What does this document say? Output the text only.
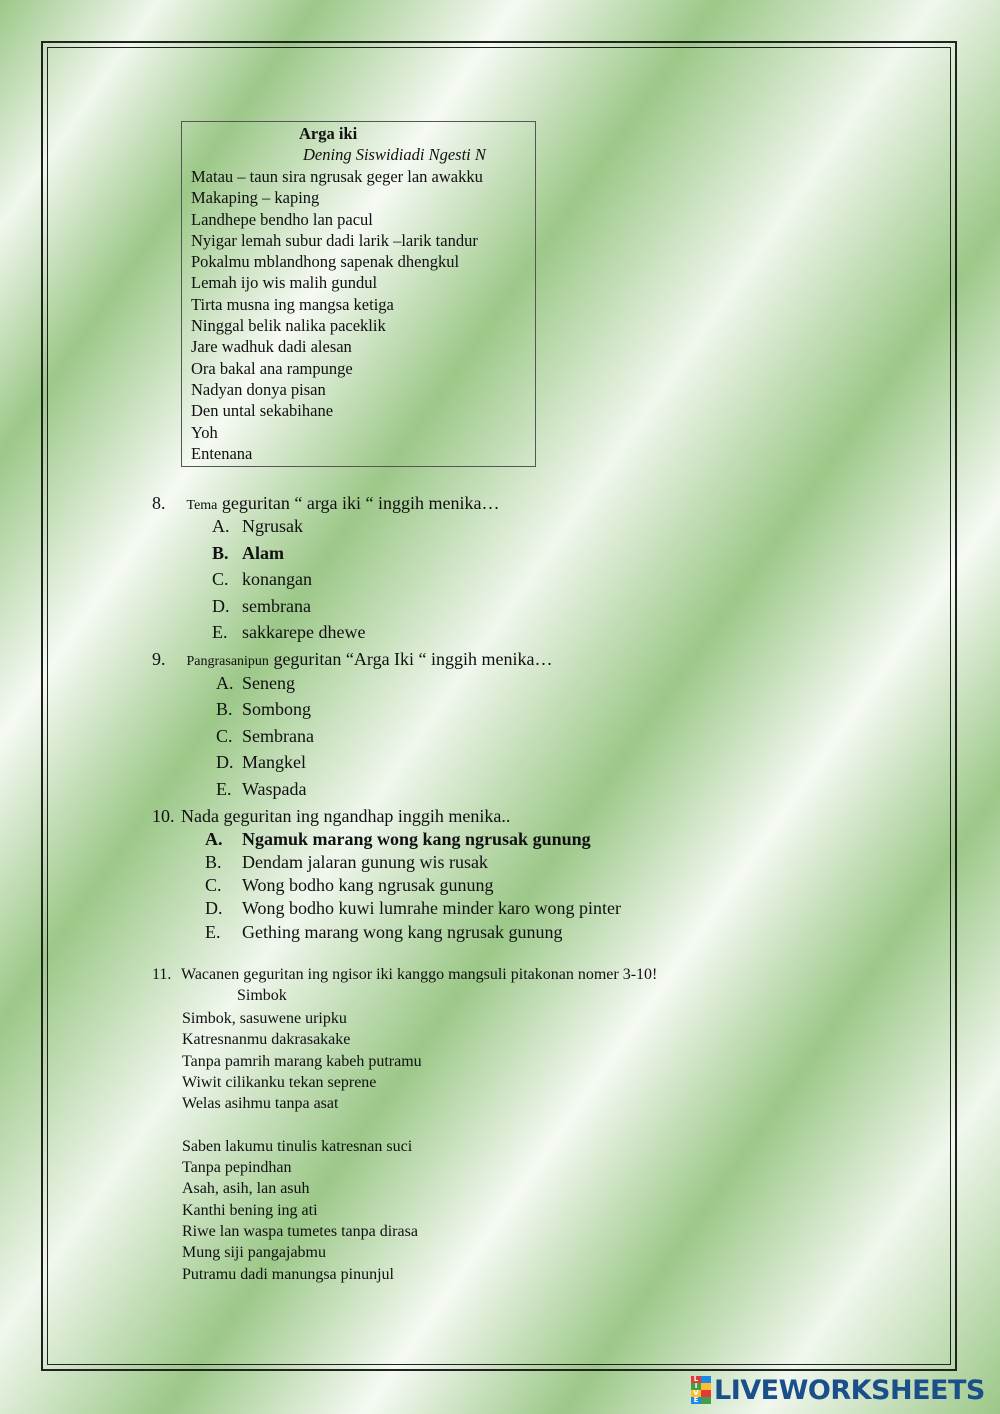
Arga iki
Dening Siswidiadi Ngesti N
Matau – taun sira ngrusak geger lan awakku
Makaping – kaping
Landhepe bendho lan pacul
Nyigar lemah subur dadi larik –larik tandur
Pokalmu mblandhong sapenak dhengkul
Lemah ijo wis malih gundul
Tirta musna ing mangsa ketiga
Ninggal belik nalika paceklik
Jare wadhuk dadi alesan
Ora bakal ana rampunge
Nadyan donya pisan
Den untal sekabihane
Yoh
Entenana
8. Tema geguritan “ arga iki “ inggih menika…
A. Ngrusak
B. Alam
C. konangan
D. sembrana
E. sakkarepe dhewe
9. Pangrasanipun geguritan “Arga Iki “ inggih menika…
A. Seneng
B. Sombong
C. Sembrana
D. Mangkel
E. Waspada
10. Nada geguritan ing ngandhap inggih menika..
A. Ngamuk marang wong kang ngrusak gunung
B. Dendam jalaran gunung wis rusak
C. Wong bodho kang ngrusak gunung
D. Wong bodho kuwi lumrahe minder karo wong pinter
E. Gething marang wong kang ngrusak gunung
11. Wacanen geguritan ing ngisor iki kanggo mangsuli pitakonan nomer 3-10!
Simbok
Simbok, sasuwene uripku
Katresnanmu dakrasakake
Tanpa pamrih marang kabeh putramu
Wiwit cilikanku tekan seprene
Welas asihmu tanpa asat
Saben lakumu tinulis katresnan suci
Tanpa pepindhan
Asah, asih, lan asuh
Kanthi bening ing ati
Riwe lan waspa tumetes tanpa dirasa
Mung siji pangajabmu
Putramu dadi manungsa pinunjul
L
I
V
E LIVEWORKSHEETS
